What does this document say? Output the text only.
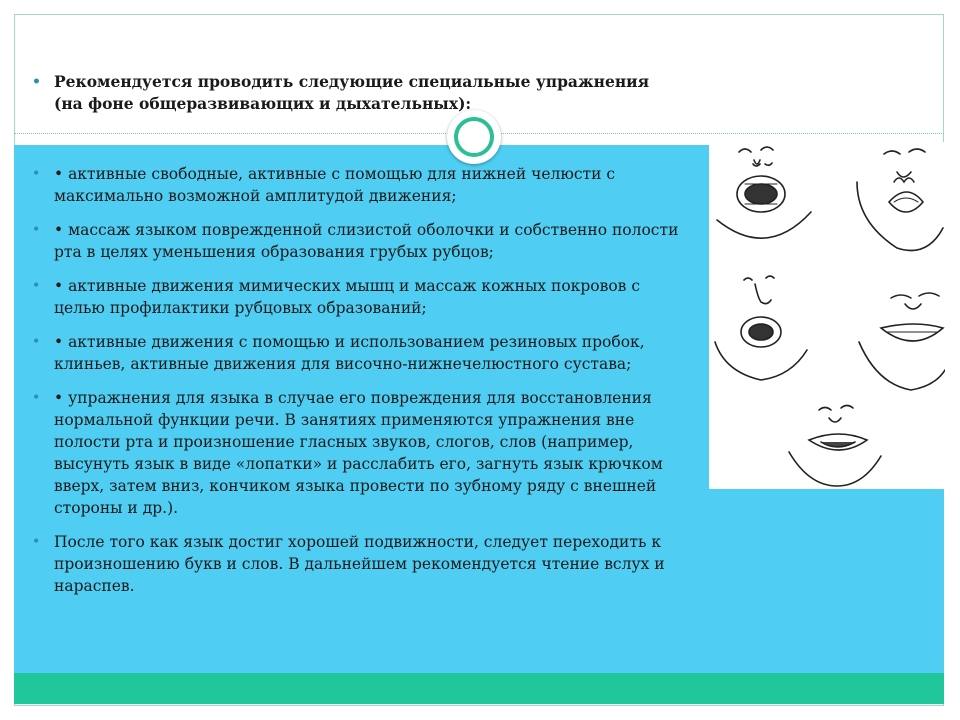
• Рекомендуется проводить следующие специальные упражнения (на фоне общеразвивающих и дыхательных):

• • активные свободные, активные с помощью для нижней челюсти с максимально возможной амплитудой движения;

• • массаж языком поврежденной слизистой оболочки и собственно полости рта в целях уменьшения образования грубых рубцов;

• • активные движения мимических мышц и массаж кожных покровов с целью профилактики рубцовых образований;

• • активные движения с помощью и использованием резиновых пробок, клиньев, активные движения для височно-нижнечелюстного сустава;

• • упражнения для языка в случае его повреждения для восстановления нормальной функции речи. В занятиях применяются упражнения вне полости рта и произношение гласных звуков, слогов, слов (например, высунуть язык в виде «лопатки» и расслабить его, загнуть язык крючком вверх, затем вниз, кончиком языка провести по зубному ряду с внешней стороны и др.).

• После того как язык достиг хорошей подвижности, следует переходить к произношению букв и слов. В дальнейшем рекомендуется чтение вслух и нараспев.
